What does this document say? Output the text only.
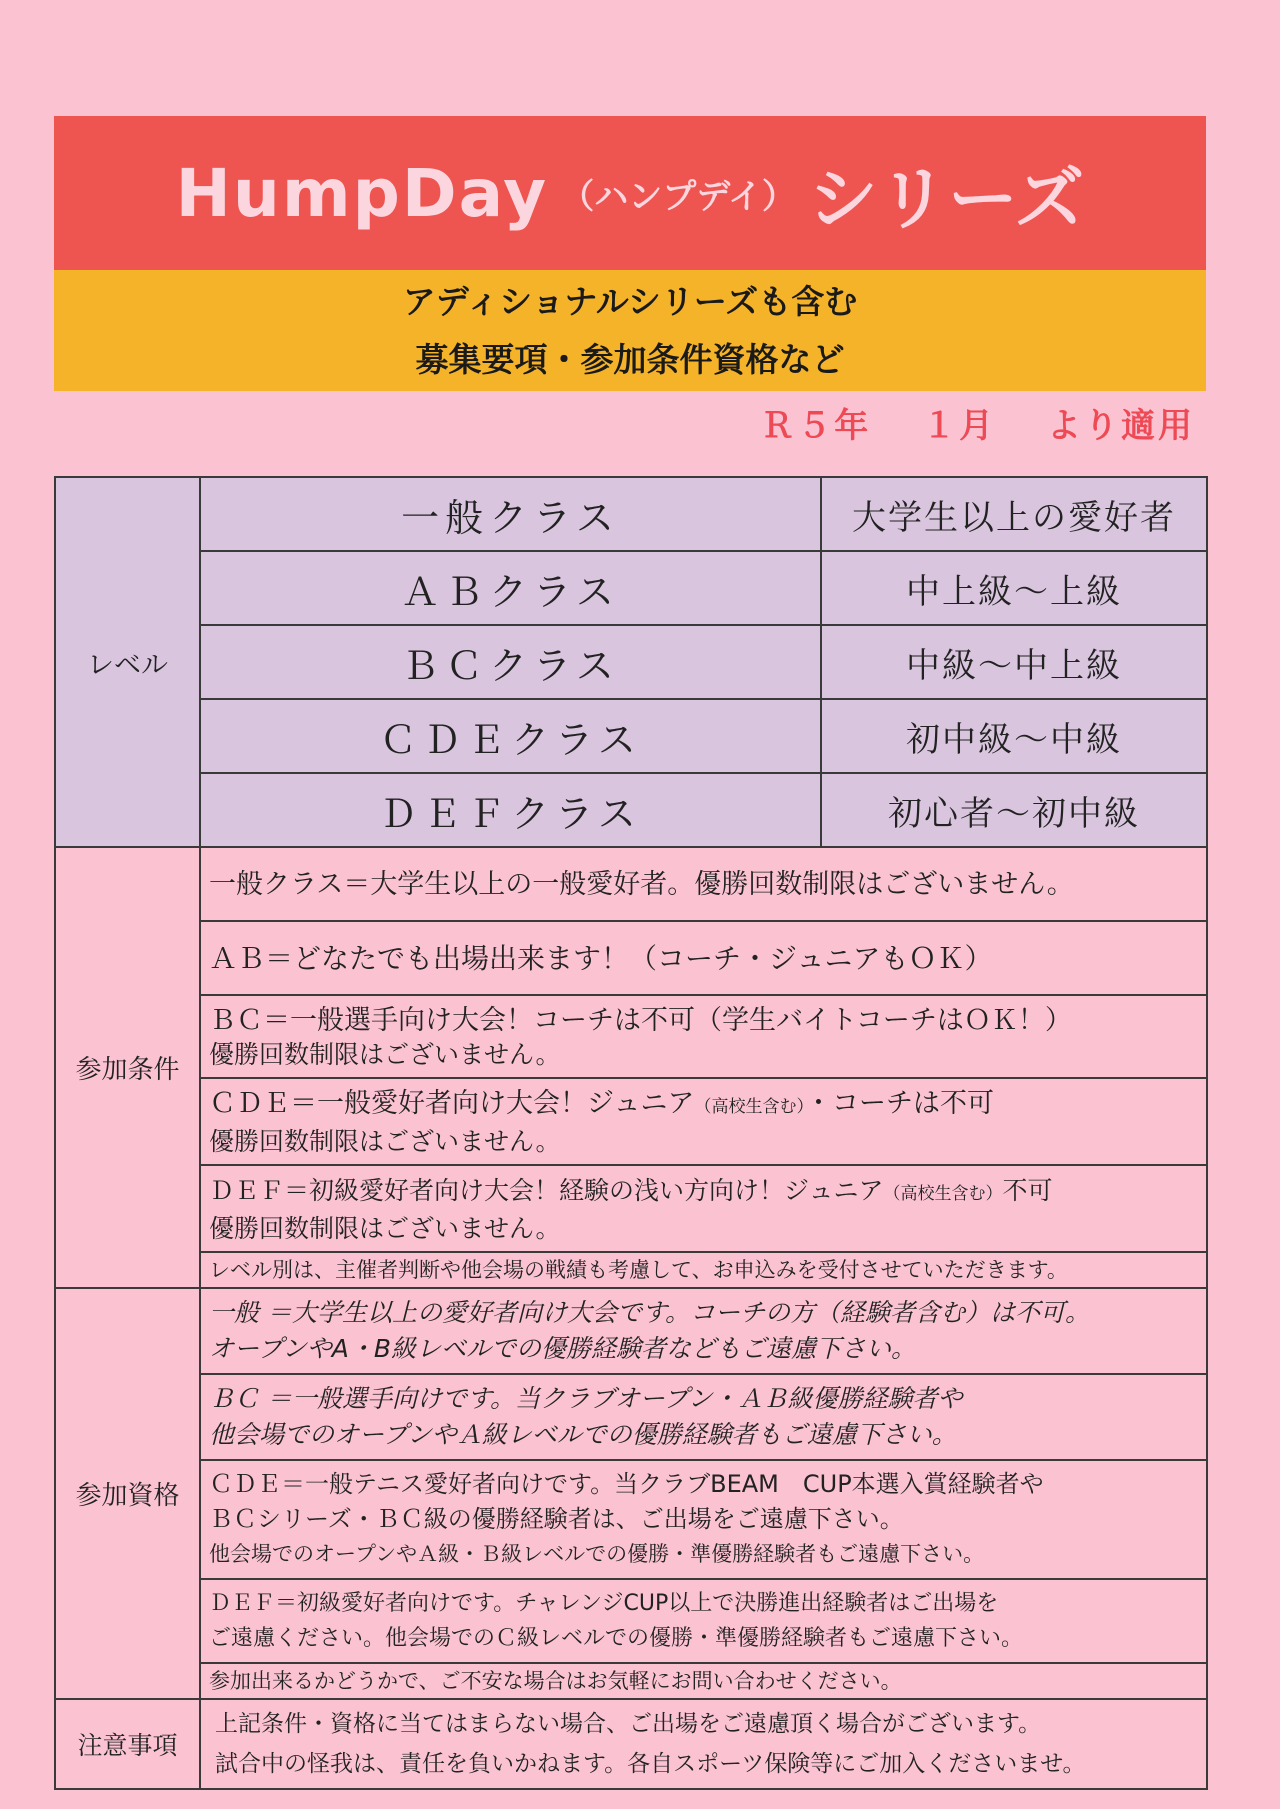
Hump Day （ハンプデイ） シリーズ
アディショナルシリーズも含む
募集要項・参加条件資格など
Ｒ５年 １月 より適用
レベル	一般クラス	大学生以上の愛好者
	ＡＢクラス	中上級～上級
	ＢＣクラス	中級～中上級
	ＣＤＥクラス	初中級～中級
	ＤＥＦクラス	初心者～初中級
参加条件	一般クラス＝大学生以上の一般愛好者。優勝回数制限はございません。	
	ＡＢ＝どなたでも出場出来ます！（コーチ・ジュニアもＯＫ）	

	ＢＣ＝一般選手向け大会！コーチは不可（学生バイトコーチはＯＫ！）
優勝回数制限はございません。	

	ＣＤＥ＝一般愛好者向け大会！ジュニア（高校生含む）・コーチは不可
優勝回数制限はございません。	

	ＤＥＦ＝初級愛好者向け大会！経験の浅い方向け！ジュニア（高校生含む）不可
優勝回数制限はございません。	

	レベル別は、主催者判断や他会場の戦績も考慮して、お申込みを受付させていただきます。	
参加資格	一般 ＝大学生以上の愛好者向け大会です。コーチの方（経験者含む）は不可。
オープンやA・B級レベルでの優勝経験者などもご遠慮下さい。	

	ＢＣ ＝一般選手向けです。当クラブオープン・ＡＢ級優勝経験者や
他会場でのオープンやＡ級レベルでの優勝経験者もご遠慮下さい。	

	ＣＤＥ＝一般テニス愛好者向けです。当クラブBEAM　CUP本選入賞経験者や
ＢＣシリーズ・ＢＣ級の優勝経験者は、ご出場をご遠慮下さい。
他会場でのオープンやＡ級・Ｂ級レベルでの優勝・準優勝経験者もご遠慮下さい。	

	ＤＥＦ＝初級愛好者向けです。チャレンジCUP以上で決勝進出経験者はご出場を
ご遠慮ください。他会場でのＣ級レベルでの優勝・準優勝経験者もご遠慮下さい。	

	参加出来るかどうかで、ご不安な場合はお気軽にお問い合わせください。	
注意事項	上記条件・資格に当てはまらない場合、ご出場をご遠慮頂く場合がございます。
試合中の怪我は、責任を負いかねます。各自スポーツ保険等にご加入くださいませ。	
